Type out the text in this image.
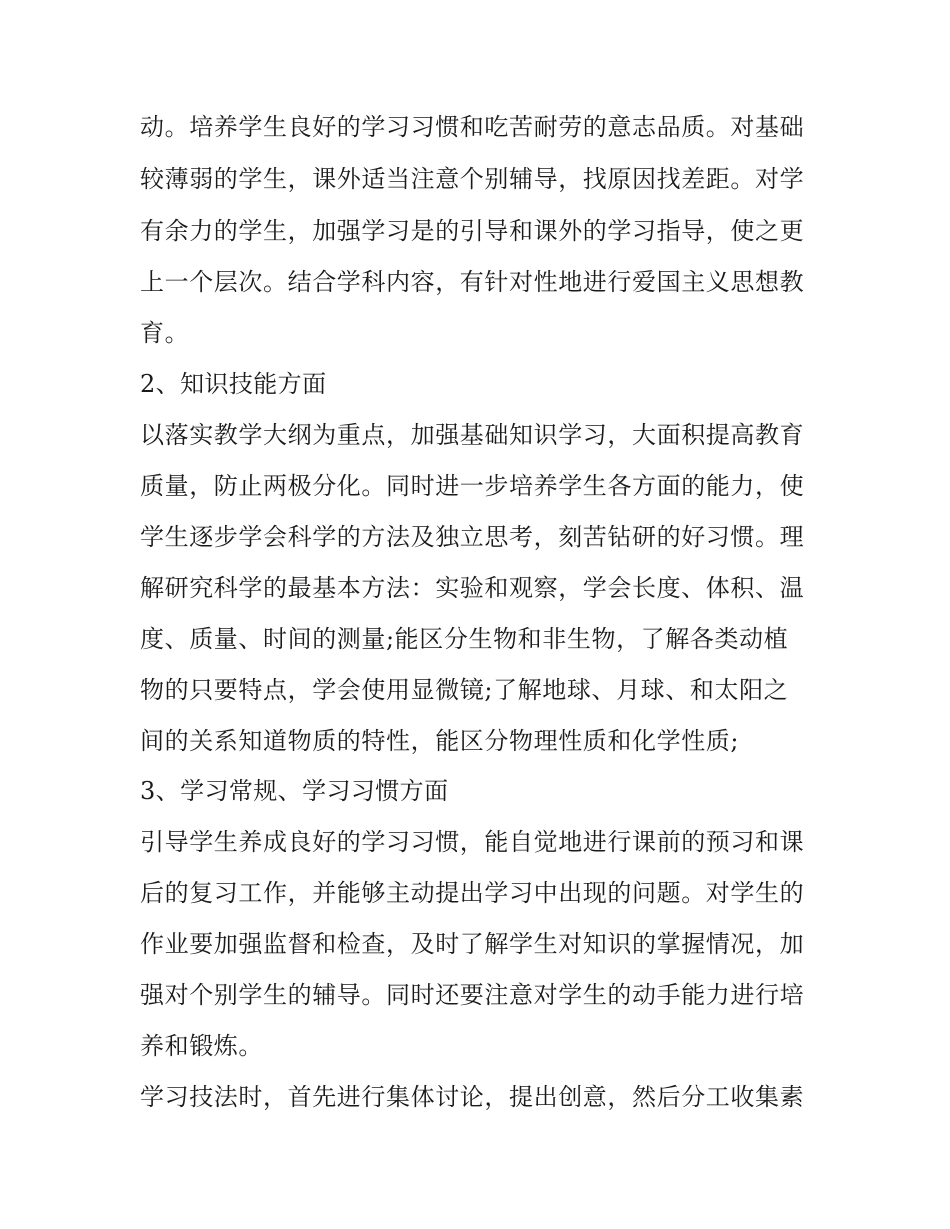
动。培养学生良好的学习习惯和吃苦耐劳的意志品质。对基础
较薄弱的学生，课外适当注意个别辅导，找原因找差距。对学
有余力的学生，加强学习是的引导和课外的学习指导，使之更
上一个层次。结合学科内容，有针对性地进行爱国主义思想教
育。
2、知识技能方面
以落实教学大纲为重点，加强基础知识学习，大面积提高教育
质量，防止两极分化。同时进一步培养学生各方面的能力，使
学生逐步学会科学的方法及独立思考，刻苦钻研的好习惯。理
解研究科学的最基本方法：实验和观察，学会长度、体积、温
度、质量、时间的测量;能区分生物和非生物，了解各类动植
物的只要特点，学会使用显微镜;了解地球、月球、和太阳之
间的关系知道物质的特性，能区分物理性质和化学性质;
3、学习常规、学习习惯方面
引导学生养成良好的学习习惯，能自觉地进行课前的预习和课
后的复习工作，并能够主动提出学习中出现的问题。对学生的
作业要加强监督和检查，及时了解学生对知识的掌握情况，加
强对个别学生的辅导。同时还要注意对学生的动手能力进行培
养和锻炼。
学习技法时，首先进行集体讨论，提出创意，然后分工收集素
